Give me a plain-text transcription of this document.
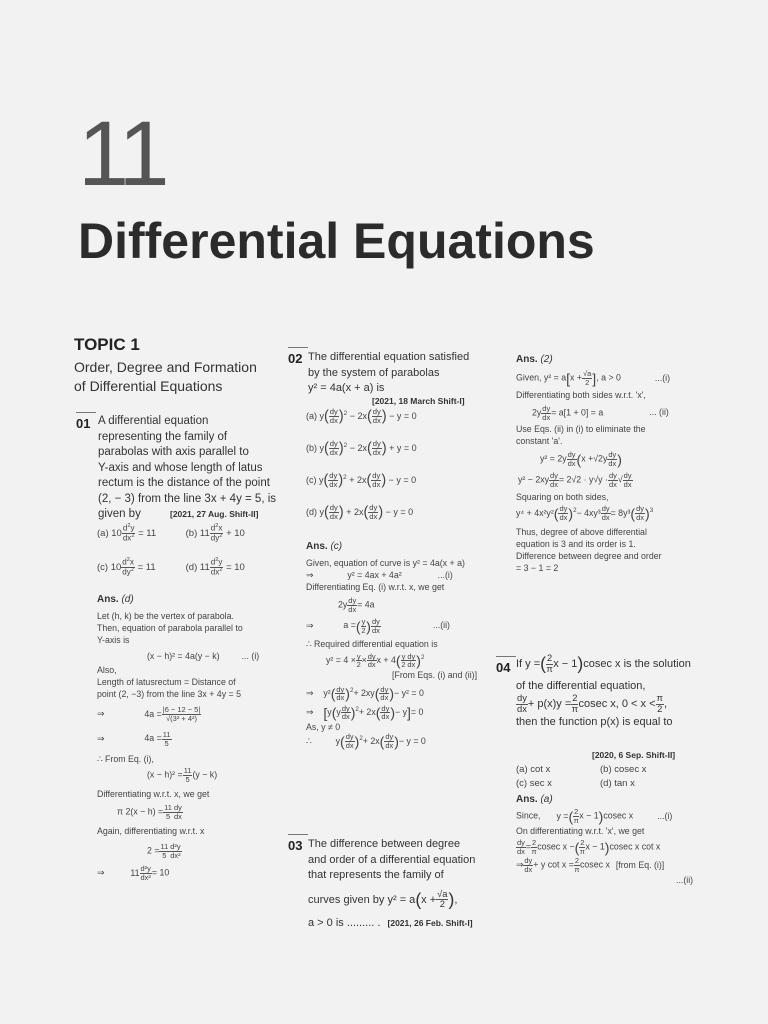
11
Differential Equations
TOPIC 1
Order, Degree and Formation
of Differential Equations
01 A differential equation
representing the family of
parabolas with axis parallel to
Y-axis and whose length of latus
rectum is the distance of the point
(2, − 3) from the line 3x + 4y = 5, is
given by	[2021, 27 Aug. Shift-II]
(a) $10 \frac{d^2y}{dx^2} = 11$	(b) $11 \frac{d^2x}{dy^2} + 10$
(c) $10 \frac{d^2x}{dy^2} = 11$	(d) $11 \frac{d^2y}{dx^2} = 10$
Ans. (d)
Let (h, k) be the vertex of parabola.
Then, equation of parabola parallel to
Y-axis is
(x − h)² = 4a(y − k)	... (i)
Also,
Length of latusrectum = Distance of
point (2, −3) from the line 3x + 4y = 5
⇒	$4a = \frac{|6 - 12 - 5|}{\text{√(3² + 4²)}}$
⇒	$4a = \frac{11}{5}$
∴ From Eq. (i),
$(x - h)^2 = \frac{11}{5} (y - k)$
Differentiating w.r.t. x, we get
π $2(x - h) = \frac{11}{5} \frac{dy}{dx}$
Again, differentiating w.r.t. x
$2 = \frac{11}{5} \frac{\text{d²y}}{\text{dx²}}$
⇒	$11 \frac{\text{d²y}}{\text{dx²}} = 10$
02 The differential equation satisfied
by the system of parabolas
y² = 4a(x + a) is
[2021, 18 March Shift-I]
(a) $y( \frac{dy}{dx} )^2 - 2x( \frac{dy}{dx}$ ) − y = 0
(b) $y( \frac{dy}{dx} )^2 - 2x( \frac{dy}{dx}$ ) + y = 0
(c) $y( \frac{dy}{dx} )^2 + 2x( \frac{dy}{dx}$ ) − y = 0
(d) $y( \frac{dy}{dx}$ ) + $2x( \frac{dy}{dx}$ ) − y = 0
Ans. (c)
Given, equation of curve is y² = 4a(x + a)
⇒	y² = 4ax + 4a²	...(i)
Differentiating Eq. (i) w.r.t. x, we get
$2y \frac{dy}{dx} = 4a$
⇒	a =( $\frac{y}{2}$ ) $\frac{dy}{dx}$	...(ii)
∴ Required differential equation is
$y^2 = 4 \times \frac{y}{2} \times \frac{dy}{dx}$ $x + 4( \frac{y}{2} \frac{dy}{dx} )^2$
[From Eqs. (i) and (ii)]
⇒ $y^2( \frac{dy}{dx} )^2+ 2xy( \frac{dy}{dx}$ )− y² = 0
⇒ [$y(y \frac{dy}{dx} )^2+ 2x( \frac{dy}{dx}$ )− y]= 0
As, y ≠ 0
∴	$y( \frac{dy}{dx} )^2+ 2x( \frac{dy}{dx}$ )− y = 0
03 The difference between degree
and order of a differential equation
that represents the family of
curves given by $y^2 = a(x + \frac{√a}{2}$ ),
a > 0 is ......... . [2021, 26 Feb. Shift-I]
Ans. (2)
Given, $y^2 = a[x + \frac{√a}{2}$ ], a > 0	...(i)
Differentiating both sides w.r.t. 'x',
$2y \frac{dy}{dx} = a[1 + 0] = a$	... (ii)
Use Eqs. (ii) in (i) to eliminate the
constant 'a'.
$y^2 = 2y \frac{dy}{dx} (x +√2y \frac{dy}{dx}$ )
$y^2 - 2xy \frac{dy}{dx} = 2√2 \cdot y√y \cdot \frac{dy}{dx}$ √ $\frac{dy}{dx}$
Squaring on both sides,
$y^4 + 4x^2y^2( \frac{dy}{dx} )^2- 4xy^3 \frac{dy}{dx} = 8y^3( \frac{dy}{dx} )^3$
Thus, degree of above differential
equation is 3 and its order is 1.
Difference between degree and order
= 3 − 1 = 2
04 If y =( $\frac{2}{\pi}$ x − 1)cosec x is the solution
of the differential equation,
$\frac{dy}{dx} + p(x)y = \frac{2}{\pi}$ cosec x, $0 < x < \frac{\pi}{2}$ ,
then the function p(x) is equal to
[2020, 6 Sep. Shift-II]
(a) cot x	(b) cosec x
(c) sec x	(d) tan x
Ans. (a)
Since, y =( $\frac{2}{\pi}$ x − 1)cosec x	...(i)
On differentiating w.r.t. 'x', we get
$\frac{dy}{dx} = \frac{2}{\pi}$ cosec x −( $\frac{2}{\pi}$ x − 1)cosec x cot x
⇒ $\frac{dy}{dx} + y$ $\cot x = \frac{2}{\pi}$ cosec x [from Eq. (i)]
...(ii)
